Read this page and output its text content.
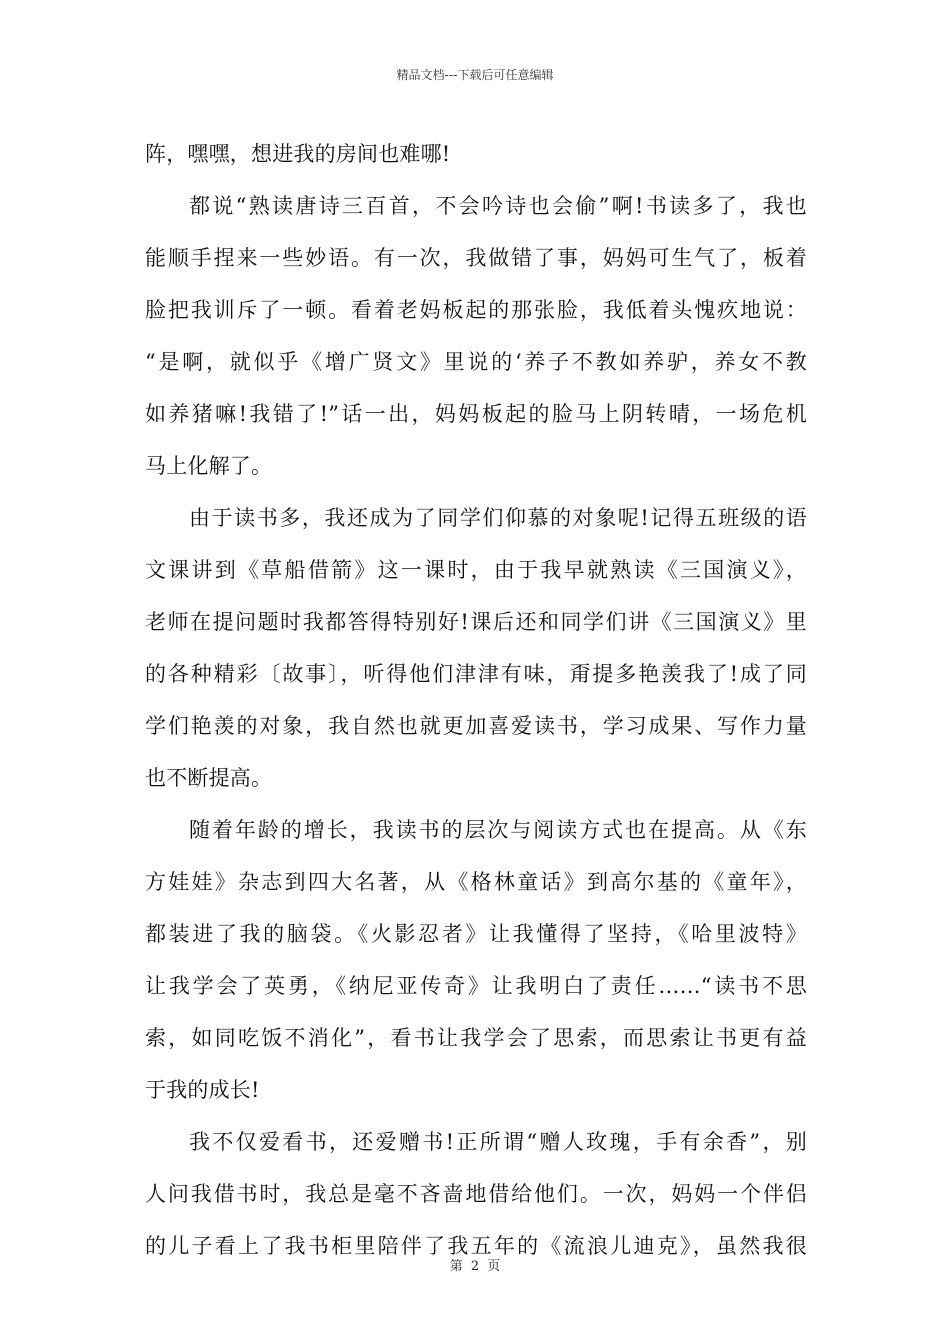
精品文档---下载后可任意编辑
阵，嘿嘿，想进我的房间也难哪!
都说“熟读唐诗三百首，不会吟诗也会偷”啊!书读多了，我也
能顺手捏来一些妙语。有一次，我做错了事，妈妈可生气了，板着
脸把我训斥了一顿。看着老妈板起的那张脸，我低着头愧疚地说：
“是啊，就似乎《增广贤文》里说的‘养子不教如养驴，养女不教
如养猪嘛!我错了!”话一出，妈妈板起的脸马上阴转晴，一场危机
马上化解了。
由于读书多，我还成为了同学们仰慕的对象呢!记得五班级的语
文课讲到《草船借箭》这一课时，由于我早就熟读《三国演义》，
老师在提问题时我都答得特别好!课后还和同学们讲《三国演义》里
的各种精彩〔故事〕，听得他们津津有味，甭提多艳羡我了!成了同
学们艳羡的对象，我自然也就更加喜爱读书，学习成果、写作力量
也不断提高。
随着年龄的增长，我读书的层次与阅读方式也在提高。从《东
方娃娃》杂志到四大名著，从《格林童话》到高尔基的《童年》，
都装进了我的脑袋。《火影忍者》让我懂得了坚持，《哈里波特》
让我学会了英勇，《纳尼亚传奇》让我明白了责任……“读书不思
索，如同吃饭不消化”，看书让我学会了思索，而思索让书更有益
于我的成长!
我不仅爱看书，还爱赠书!正所谓“赠人玫瑰，手有余香”，别
人问我借书时，我总是毫不吝啬地借给他们。一次，妈妈一个伴侣
的儿子看上了我书柜里陪伴了我五年的《流浪儿迪克》，虽然我很
第 2 页
